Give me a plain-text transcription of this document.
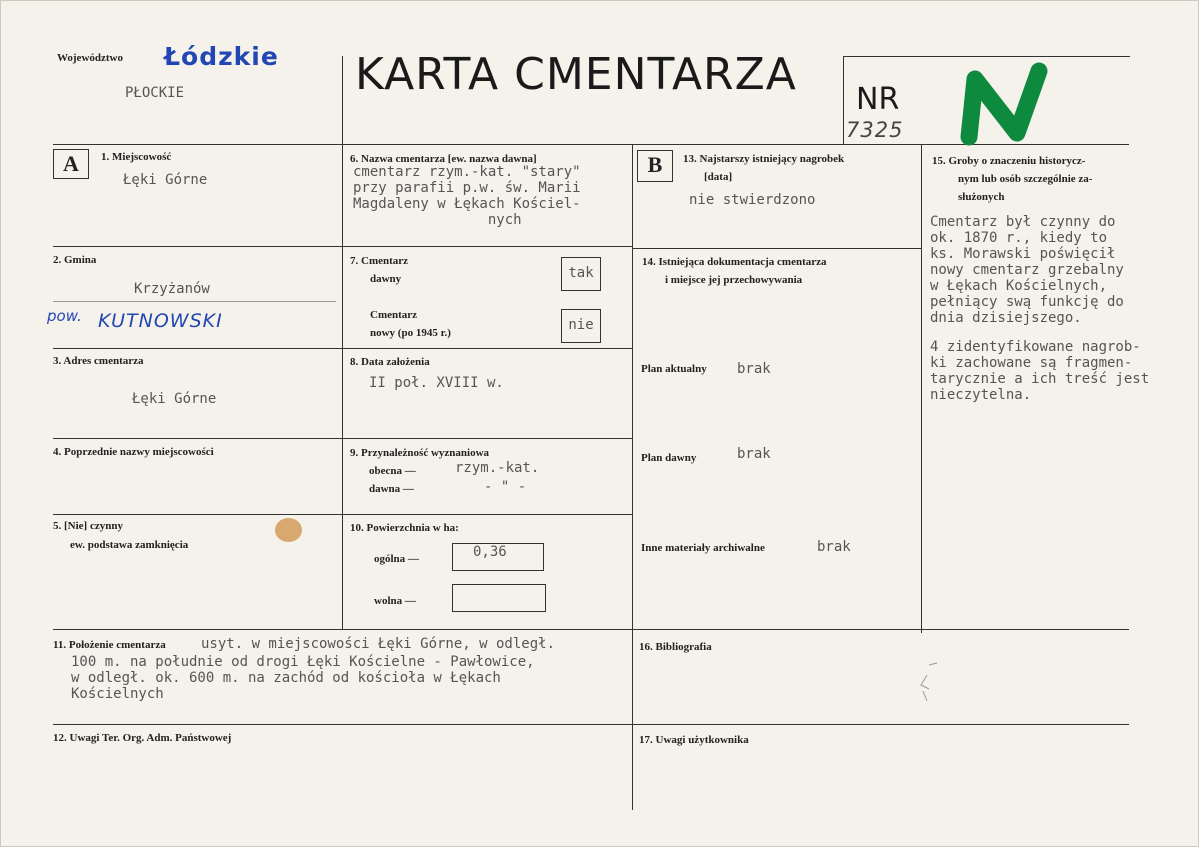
Województwo Łódzkie
PŁOCKIE	KARTA CMENTARZA NR
7325
A	1. Miejscowość
Łęki Górne
2. Gmina
Krzyżanów
pow. KUTNOWSKI
3. Adres cmentarza
Łęki Górne
4. Poprzednie nazwy miejscowości
5. [Nie] czynny
ew. podstawa zamknięcia
6. Nazwa cmentarza [ew. nazwa dawna]
cmentarz rzym.-kat. "stary"
przy parafii p.w. św. Marii
Magdaleny w Łękach Kościel-
nych
7. Cmentarz
dawny	tak
Cmentarz
nowy (po 1945 r.)	nie
8. Data założenia
II poł. XVIII w.
9. Przynależność wyznaniowa
obecna —	rzym.-kat.
dawna —	- " -
10. Powierzchnia w ha:
ogólna —	0,36
wolna —
B	13. Najstarszy istniejący nagrobek
[data]
nie stwierdzono
14. Istniejąca dokumentacja cmentarza
i miejsce jej przechowywania
Plan aktualny brak
Plan dawny	brak
Inne materiały archiwalne	brak
15. Groby o znaczeniu historycz-
nym lub osób szczególnie za-
służonych
Cmentarz był czynny do
ok. 1870 r., kiedy to
ks. Morawski poświęcił
nowy cmentarz grzebalny
w Łękach Kościelnych,
pełniący swą funkcję do
dnia dzisiejszego.
4 zidentyfikowane nagrob-
ki zachowane są fragmen-
tarycznie a ich treść jest
nieczytelna.
11. Położenie cmentarza	usyt. w miejscowości Łęki Górne, w odległ.
100 m. na południe od drogi Łęki Kościelne - Pawłowice,
w odległ. ok. 600 m. na zachód od kościoła w Łękach
Kościelnych
12. Uwagi Ter. Org. Adm. Państwowej
16. Bibliografia
17. Uwagi użytkownika
